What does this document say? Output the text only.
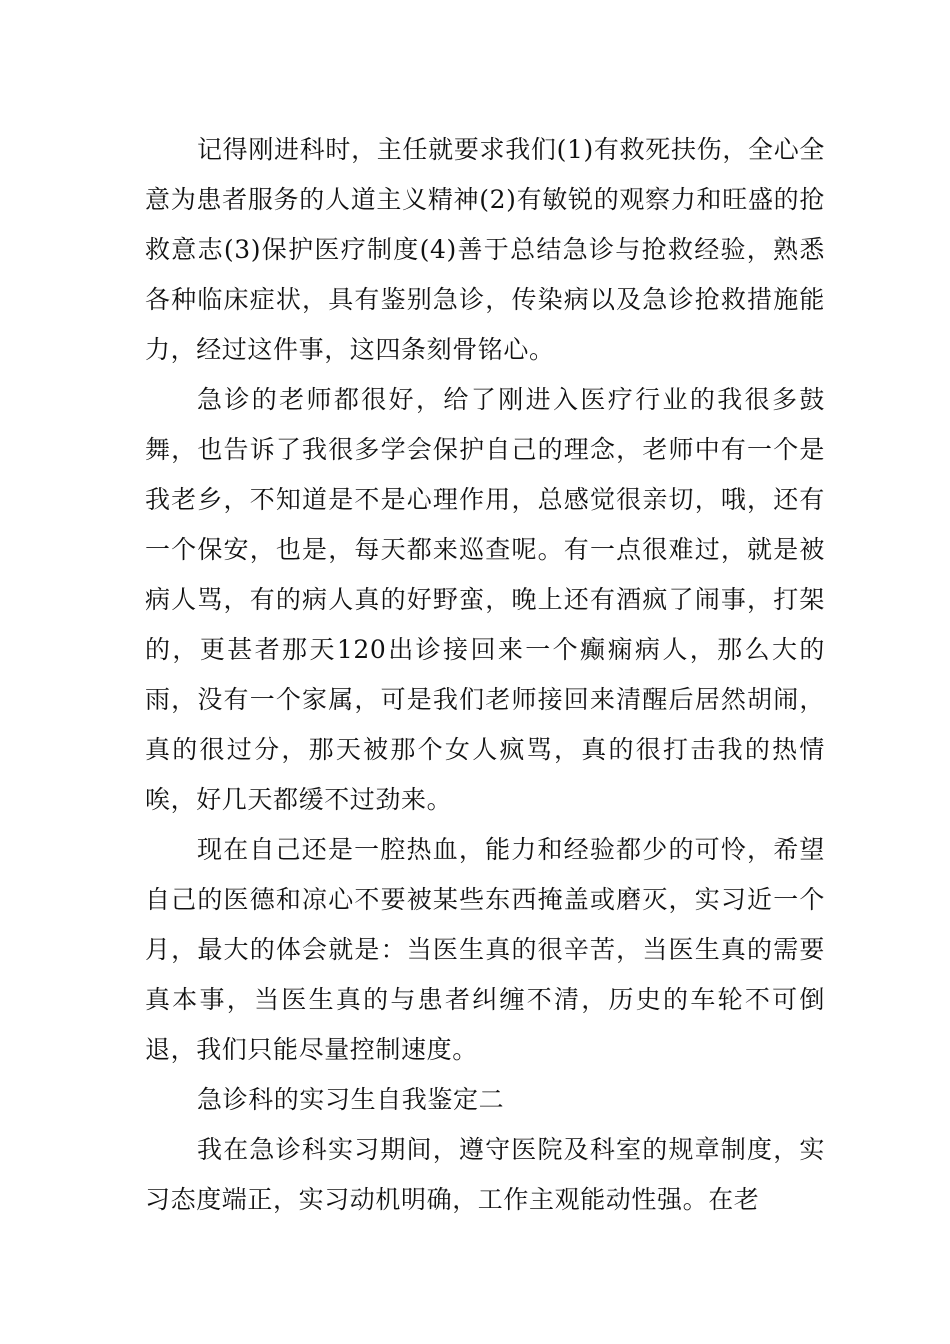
记得刚进科时，主任就要求我们(1)有救死扶伤，全心全意为患者服务的人道主义精神(2)有敏锐的观察力和旺盛的抢救意志(3)保护医疗制度(4)善于总结急诊与抢救经验，熟悉各种临床症状，具有鉴别急诊，传染病以及急诊抢救措施能力，经过这件事，这四条刻骨铭心。

急诊的老师都很好，给了刚进入医疗行业的我很多鼓舞，也告诉了我很多学会保护自己的理念，老师中有一个是我老乡，不知道是不是心理作用，总感觉很亲切，哦，还有一个保安，也是，每天都来巡查呢。有一点很难过，就是被病人骂，有的病人真的好野蛮，晚上还有酒疯了闹事，打架的，更甚者那天120出诊接回来一个癫痫病人，那么大的雨，没有一个家属，可是我们老师接回来清醒后居然胡闹，真的很过分，那天被那个女人疯骂，真的很打击我的热情唉，好几天都缓不过劲来。

现在自己还是一腔热血，能力和经验都少的可怜，希望自己的医德和凉心不要被某些东西掩盖或磨灭，实习近一个月，最大的体会就是：当医生真的很辛苦，当医生真的需要真本事，当医生真的与患者纠缠不清，历史的车轮不可倒退，我们只能尽量控制速度。

急诊科的实习生自我鉴定二

我在急诊科实习期间，遵守医院及科室的规章制度，实习态度端正，实习动机明确，工作主观能动性强。在老
